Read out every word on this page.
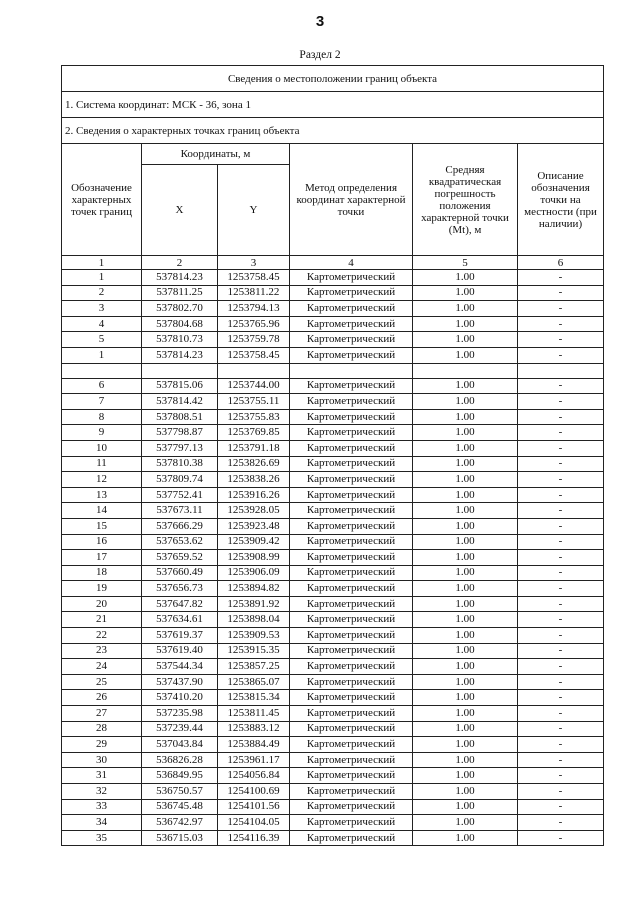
3
Раздел 2
Сведения о местоположении границ объекта					
1. Система координат: МСК - 36, зона 1					
2. Сведения о характерных точках границ объекта					
Обозначение характерных точек границ	Координаты, м		Метод определения координат характерной точки	Средняя квадратическая погрешность положения характерной точки (Mt), м	Описание обозначения точки на местности (при наличии)
	X	Y			
1	2	3	4	5	6
1	537814.23	1253758.45	Картометрический	1.00	-
2	537811.25	1253811.22	Картометрический	1.00	-
3	537802.70	1253794.13	Картометрический	1.00	-
4	537804.68	1253765.96	Картометрический	1.00	-
5	537810.73	1253759.78	Картометрический	1.00	-
1	537814.23	1253758.45	Картометрический	1.00	-

6	537815.06	1253744.00	Картометрический	1.00	-
7	537814.42	1253755.11	Картометрический	1.00	-
8	537808.51	1253755.83	Картометрический	1.00	-
9	537798.87	1253769.85	Картометрический	1.00	-
10	537797.13	1253791.18	Картометрический	1.00	-
11	537810.38	1253826.69	Картометрический	1.00	-
12	537809.74	1253838.26	Картометрический	1.00	-
13	537752.41	1253916.26	Картометрический	1.00	-
14	537673.11	1253928.05	Картометрический	1.00	-
15	537666.29	1253923.48	Картометрический	1.00	-
16	537653.62	1253909.42	Картометрический	1.00	-
17	537659.52	1253908.99	Картометрический	1.00	-
18	537660.49	1253906.09	Картометрический	1.00	-
19	537656.73	1253894.82	Картометрический	1.00	-
20	537647.82	1253891.92	Картометрический	1.00	-
21	537634.61	1253898.04	Картометрический	1.00	-
22	537619.37	1253909.53	Картометрический	1.00	-
23	537619.40	1253915.35	Картометрический	1.00	-
24	537544.34	1253857.25	Картометрический	1.00	-
25	537437.90	1253865.07	Картометрический	1.00	-
26	537410.20	1253815.34	Картометрический	1.00	-
27	537235.98	1253811.45	Картометрический	1.00	-
28	537239.44	1253883.12	Картометрический	1.00	-
29	537043.84	1253884.49	Картометрический	1.00	-
30	536826.28	1253961.17	Картометрический	1.00	-
31	536849.95	1254056.84	Картометрический	1.00	-
32	536750.57	1254100.69	Картометрический	1.00	-
33	536745.48	1254101.56	Картометрический	1.00	-
34	536742.97	1254104.05	Картометрический	1.00	-
35	536715.03	1254116.39	Картометрический	1.00	-
